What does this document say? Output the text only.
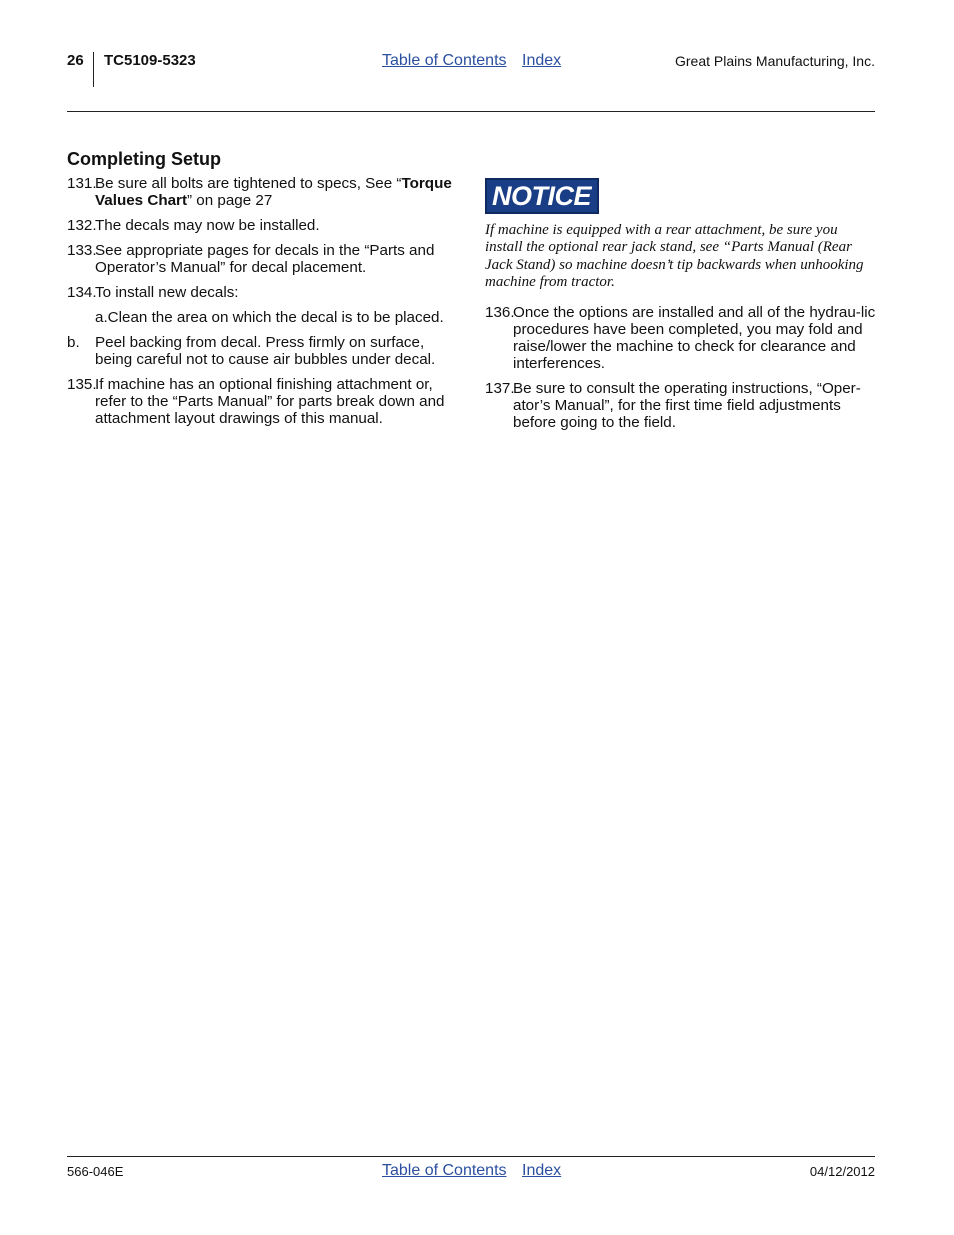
26 TC5109-5323	Table of Contents Index	Great Plains Manufacturing, Inc.
Completing Setup
131.
Be sure all bolts are tightened to specs, See “Torque Values Chart” on page 27
132.
The decals may now be installed.
133.
See appropriate pages for decals in the “Parts and Operator’s Manual” for decal placement.
134.
To install new decals:
a.Clean the area on which the decal is to be placed.
b. Peel backing from decal. Press firmly on surface, being careful not to cause air bubbles under decal.
135.
If machine has an optional finishing attachment or, refer to the “Parts Manual” for parts break down and attachment layout drawings of this manual.
NOTICE
If machine is equipped with a rear attachment, be sure you install the optional rear jack stand, see “Parts Manual (Rear Jack Stand) so machine doesn’t tip backwards when unhooking machine from tractor.
136.
Once the options are installed and all of the hydrau-lic procedures have been completed, you may fold and raise/lower the machine to check for clearance and interferences.
137.
Be sure to consult the operating instructions, “Oper-ator’s Manual”, for the first time field adjustments before going to the field.
566-046E	Table of Contents Index	04/12/2012
